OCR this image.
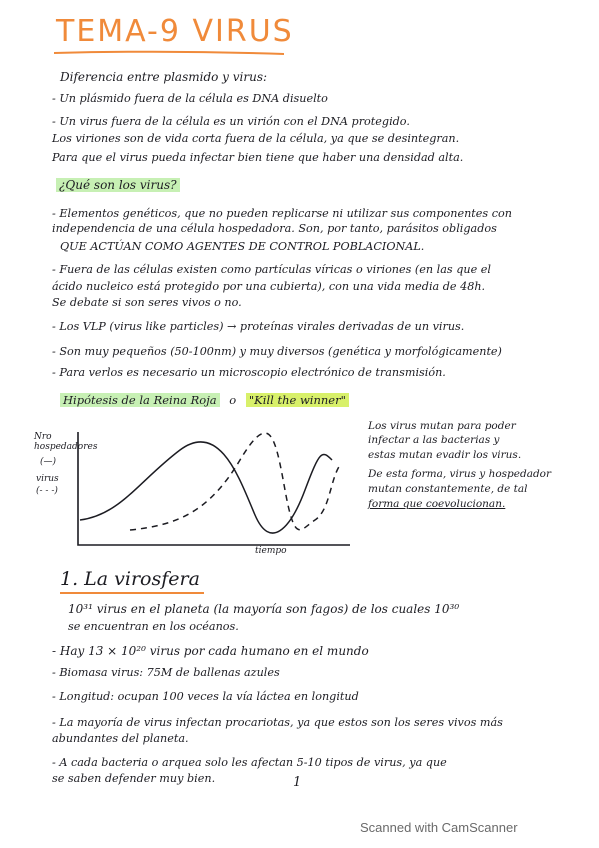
TEMA-9 VIRUS
Diferencia entre plasmido y virus:
- Un plásmido fuera de la célula es DNA disuelto
- Un virus fuera de la célula es un virión con el DNA protegido.
Los viriones son de vida corta fuera de la célula, ya que se desintegran.
Para que el virus pueda infectar bien tiene que haber una densidad alta.
¿Qué son los virus?
- Elementos genéticos, que no pueden replicarse ni utilizar sus componentes con
independencia de una célula hospedadora. Son, por tanto, parásitos obligados
QUE ACTÚAN COMO AGENTES DE CONTROL POBLACIONAL.
- Fuera de las células existen como partículas víricas o viriones (en las que el
ácido nucleico está protegido por una cubierta), con una vida media de 48h.
Se debate si son seres vivos o no.
- Los VLP (virus like particles) → proteínas virales derivadas de un virus.
- Son muy pequeños (50-100nm) y muy diversos (genética y morfológicamente)
- Para verlos es necesario un microscopio electrónico de transmisión.
Hipótesis de la Reina Roja o "Kill the winner"
Nro hospedadores
(—)
virus
(- - -)
tiempo
Los virus mutan para poder
infectar a las bacterias y
estas mutan evadir los virus.
De esta forma, virus y hospedador
mutan constantemente, de tal
forma que coevolucionan.
1. La virosfera
10³¹ virus en el planeta (la mayoría son fagos) de los cuales 10³⁰
se encuentran en los océanos.
- Hay 13 × 10²⁰ virus por cada humano en el mundo
- Biomasa virus: 75M de ballenas azules
- Longitud: ocupan 100 veces la vía láctea en longitud
- La mayoría de virus infectan procariotas, ya que estos son los seres vivos más
abundantes del planeta.
- A cada bacteria o arquea solo les afectan 5-10 tipos de virus, ya que
se saben defender muy bien.	1
Scanned with CamScanner
